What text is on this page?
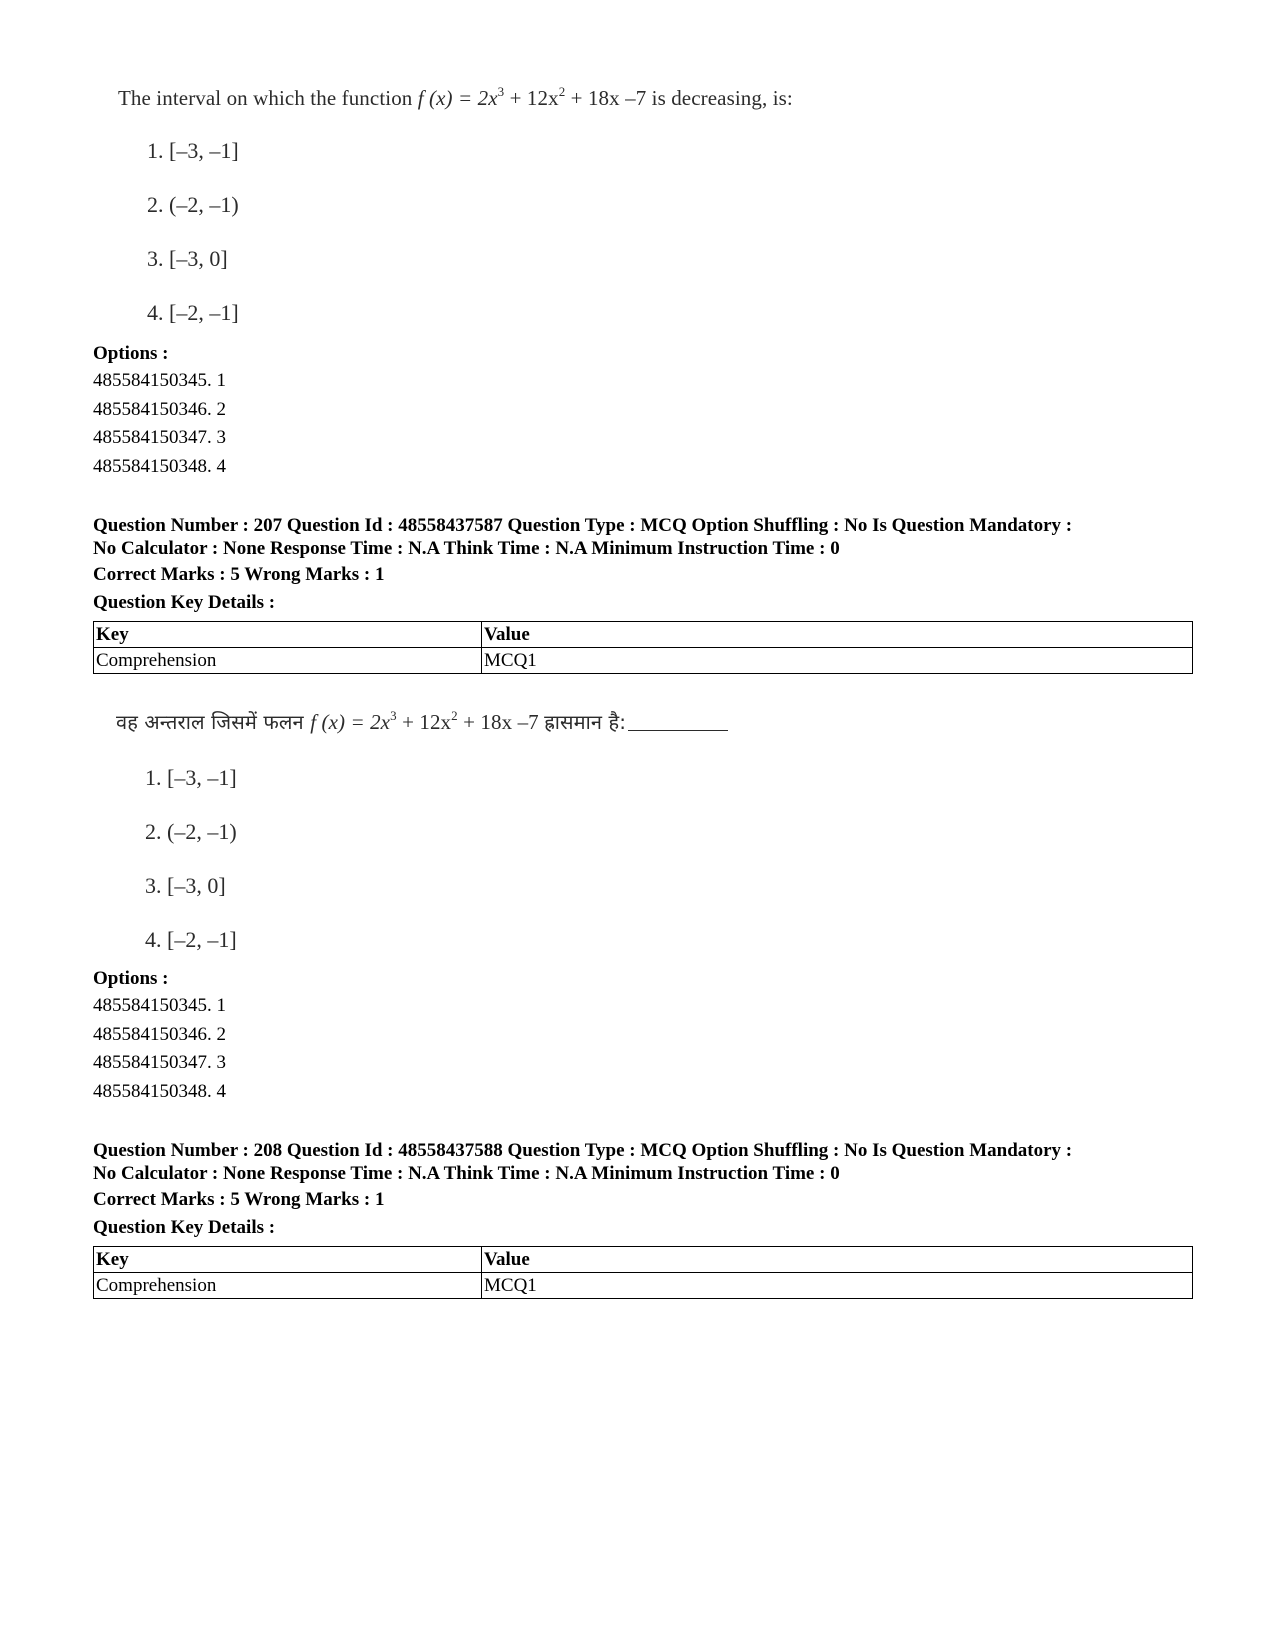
The interval on which the function f $(x) = 2x^3 + 12x^2 + 18x$ –7 is decreasing, is:
1. [–3, –1]
2. (–2, –1)
3. [–3, 0]
4. [–2, –1]
Options :
485584150345. 1
485584150346. 2
485584150347. 3
485584150348. 4
Question Number : 207 Question Id : 48558437587 Question Type : MCQ Option Shuffling : No Is Question Mandatory :
No Calculator : None Response Time : N.A Think Time : N.A Minimum Instruction Time : 0
Correct Marks : 5 Wrong Marks : 1
Question Key Details :
Key	Value
Comprehension	MCQ1
वह अन्तराल जिसमें फलन f $(x) = 2x^3 + 12x^2 + 18x$ –7 ह्रासमान है:
1. [–3, –1]
2. (–2, –1)
3. [–3, 0]
4. [–2, –1]
Options :
485584150345. 1
485584150346. 2
485584150347. 3
485584150348. 4
Question Number : 208 Question Id : 48558437588 Question Type : MCQ Option Shuffling : No Is Question Mandatory :
No Calculator : None Response Time : N.A Think Time : N.A Minimum Instruction Time : 0
Correct Marks : 5 Wrong Marks : 1
Question Key Details :
Key	Value
Comprehension	MCQ1
